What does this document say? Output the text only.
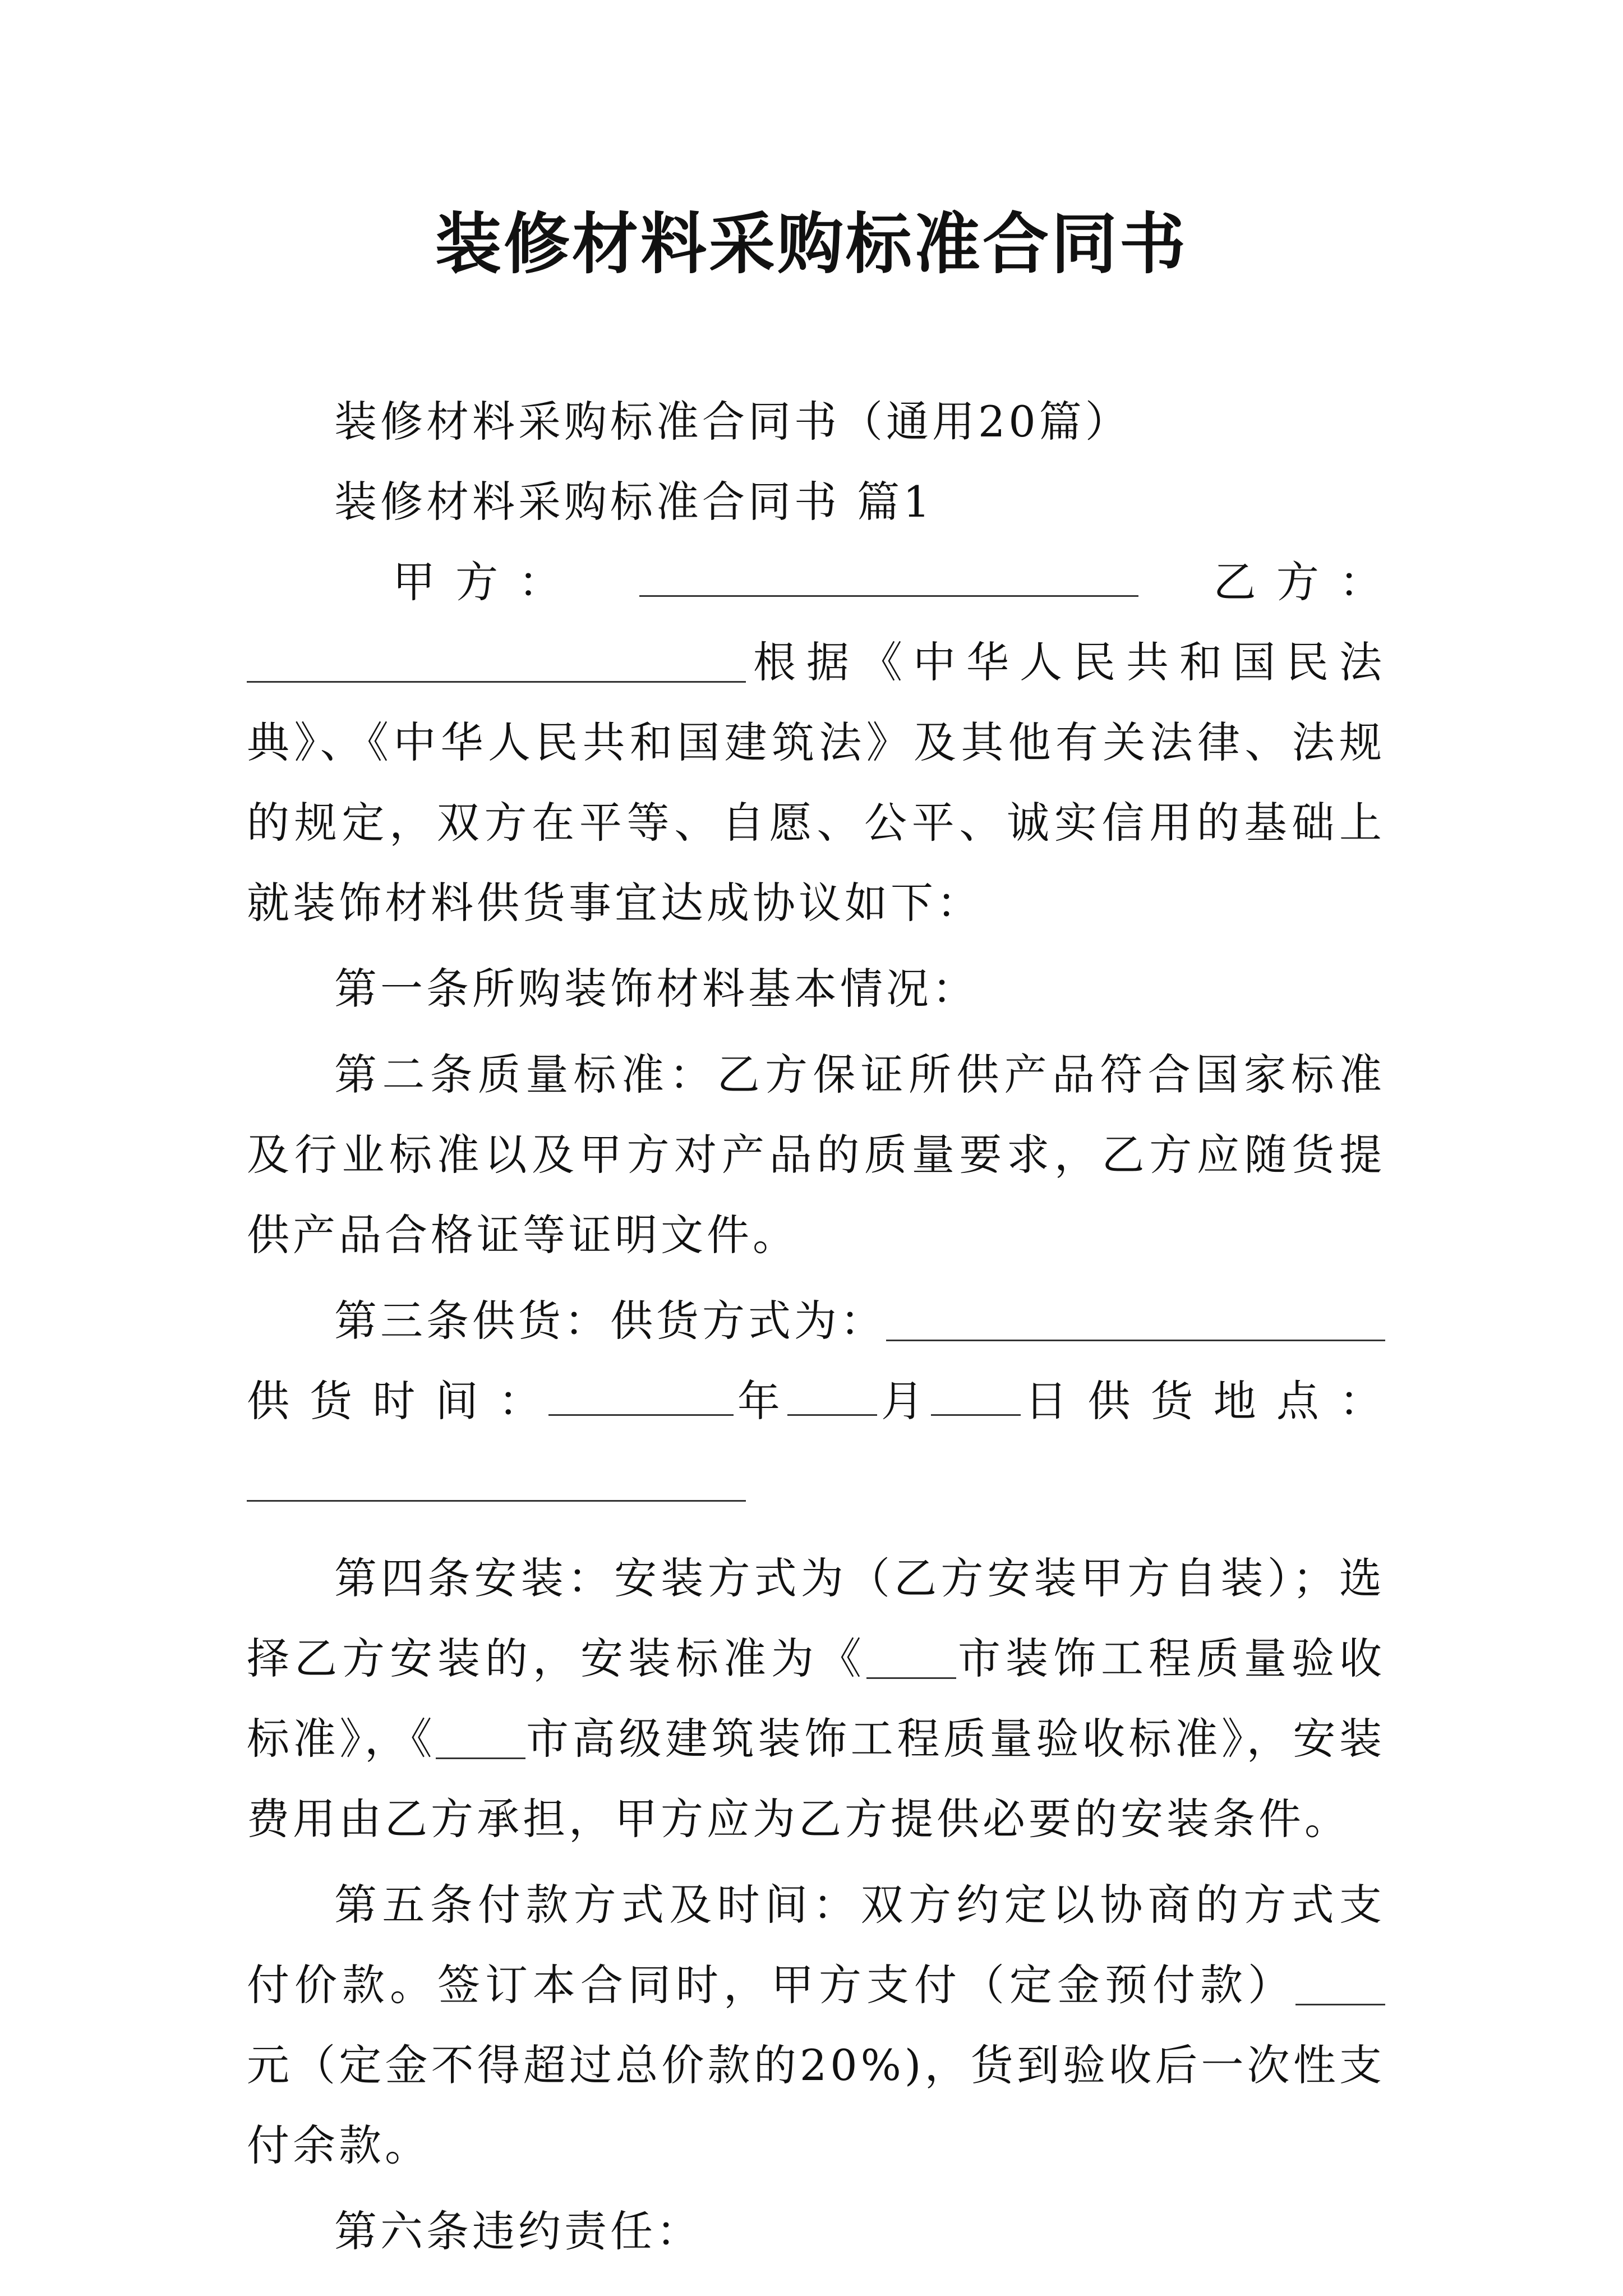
装修材料采购标准合同书

装修材料采购标准合同书（通用20篇）

装修材料采购标准合同书 篇1

甲 方 ：	乙 方 ：

根据《中华人民共和国民法典》、《中华人民共和国建筑法》及其他有关法律、法规的规定，双方在平等、自愿、公平、诚实信用的基础上就装饰材料供货事宜达成协议如下：

第一条所购装饰材料基本情况：

第二条质量标准：乙方保证所供产品符合国家标准及行业标准以及甲方对产品的质量要求，乙方应随货提供产品合格证等证明文件。

第三条供货：供货方式为：

供 货 时 间 ：	年 月 日 供 货 地 点 ：

第四条安装：安装方式为（乙方安装甲方自装）；选择乙方安装的，安装标准为《 市装饰工程质量验收标准》，《 市高级建筑装饰工程质量验收标准》，安装费用由乙方承担，甲方应为乙方提供必要的安装条件。

第五条付款方式及时间：双方约定以协商的方式支付价款。签订本合同时，甲方支付（定金预付款）元（定金不得超过总价款的20%)，货到验收后一次性支付余款。

第六条违约责任：
